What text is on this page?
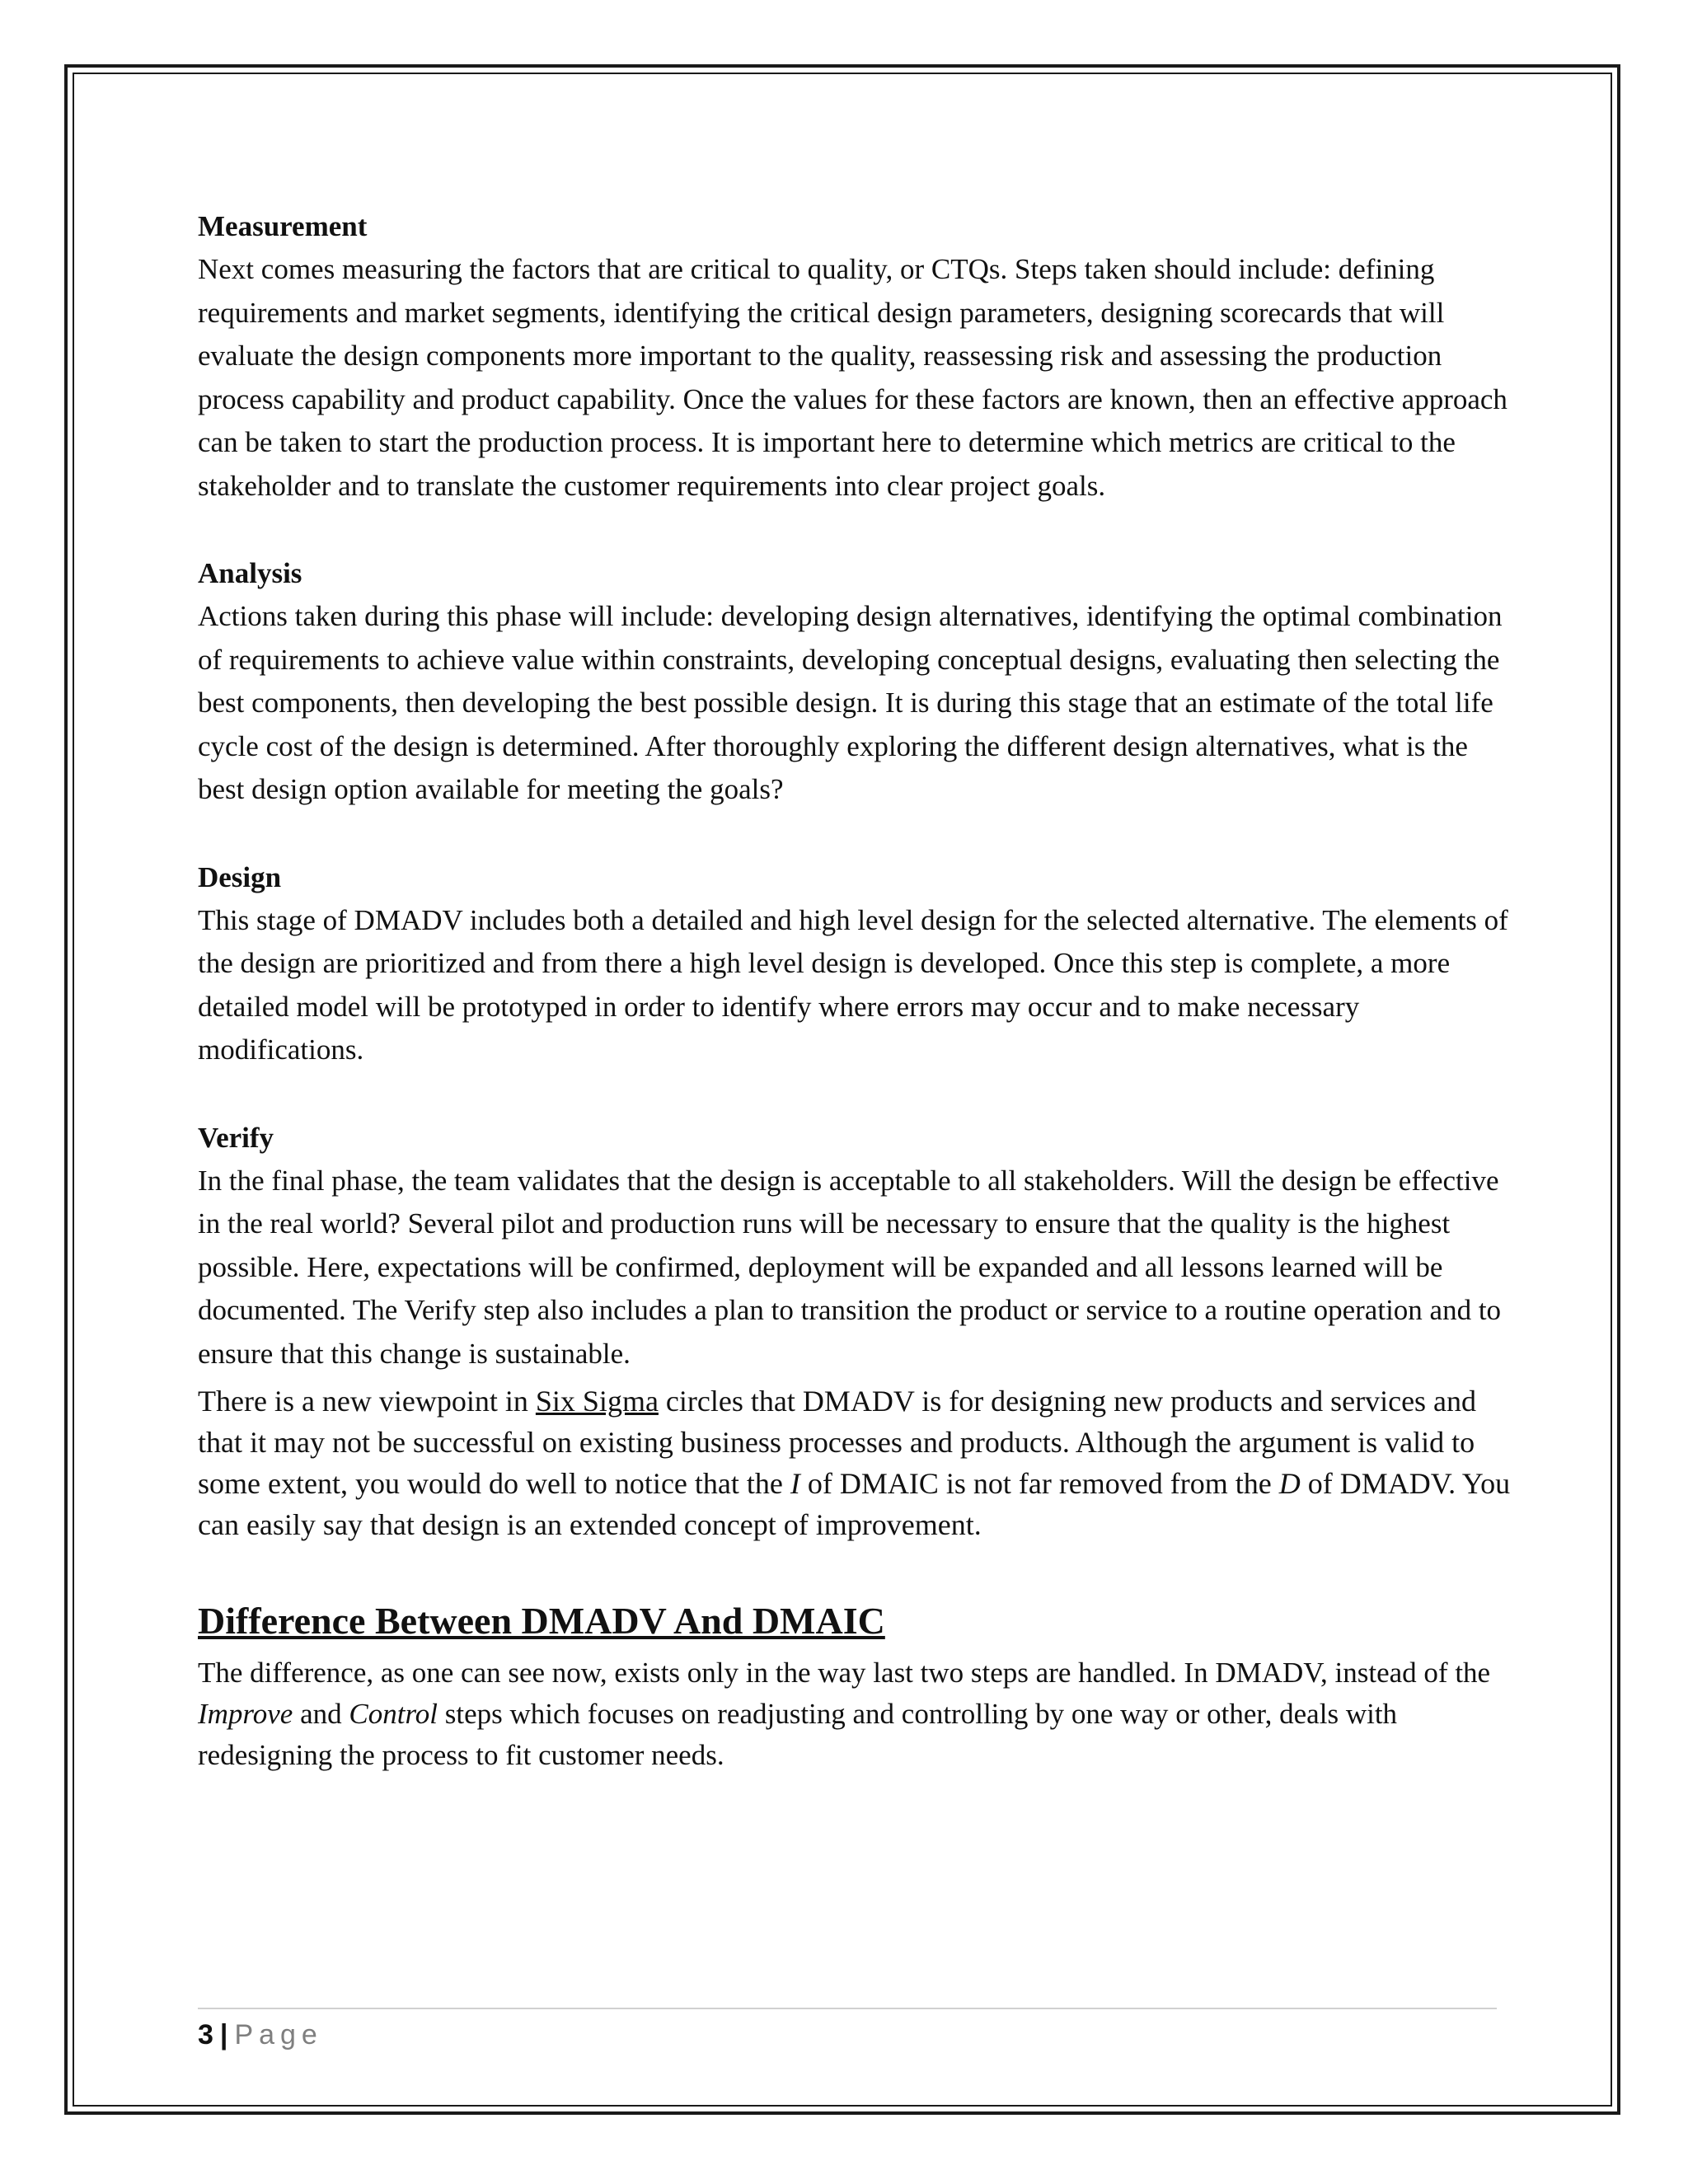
Measurement

Next comes measuring the factors that are critical to quality, or CTQs. Steps taken should include: defining requirements and market segments, identifying the critical design parameters, designing scorecards that will evaluate the design components more important to the quality, reassessing risk and assessing the production process capability and product capability. Once the values for these factors are known, then an effective approach can be taken to start the production process. It is important here to determine which metrics are critical to the stakeholder and to translate the customer requirements into clear project goals.

Analysis

Actions taken during this phase will include: developing design alternatives, identifying the optimal combination of requirements to achieve value within constraints, developing conceptual designs, evaluating then selecting the best components, then developing the best possible design. It is during this stage that an estimate of the total life cycle cost of the design is determined. After thoroughly exploring the different design alternatives, what is the best design option available for meeting the goals?

Design

This stage of DMADV includes both a detailed and high level design for the selected alternative. The elements of the design are prioritized and from there a high level design is developed. Once this step is complete, a more detailed model will be prototyped in order to identify where errors may occur and to make necessary modifications.

Verify

In the final phase, the team validates that the design is acceptable to all stakeholders. Will the design be effective in the real world? Several pilot and production runs will be necessary to ensure that the quality is the highest possible. Here, expectations will be confirmed, deployment will be expanded and all lessons learned will be documented. The Verify step also includes a plan to transition the product or service to a routine operation and to ensure that this change is sustainable.

There is a new viewpoint in Six Sigma circles that DMADV is for designing new products and services and that it may not be successful on existing business processes and products. Although the argument is valid to some extent, you would do well to notice that the I of DMAIC is not far removed from the D of DMADV. You can easily say that design is an extended concept of improvement.

Difference Between DMADV And DMAIC

The difference, as one can see now, exists only in the way last two steps are handled. In DMADV, instead of the Improve and Control steps which focuses on readjusting and controlling by one way or other, deals with redesigning the process to fit customer needs.

3 | Page
